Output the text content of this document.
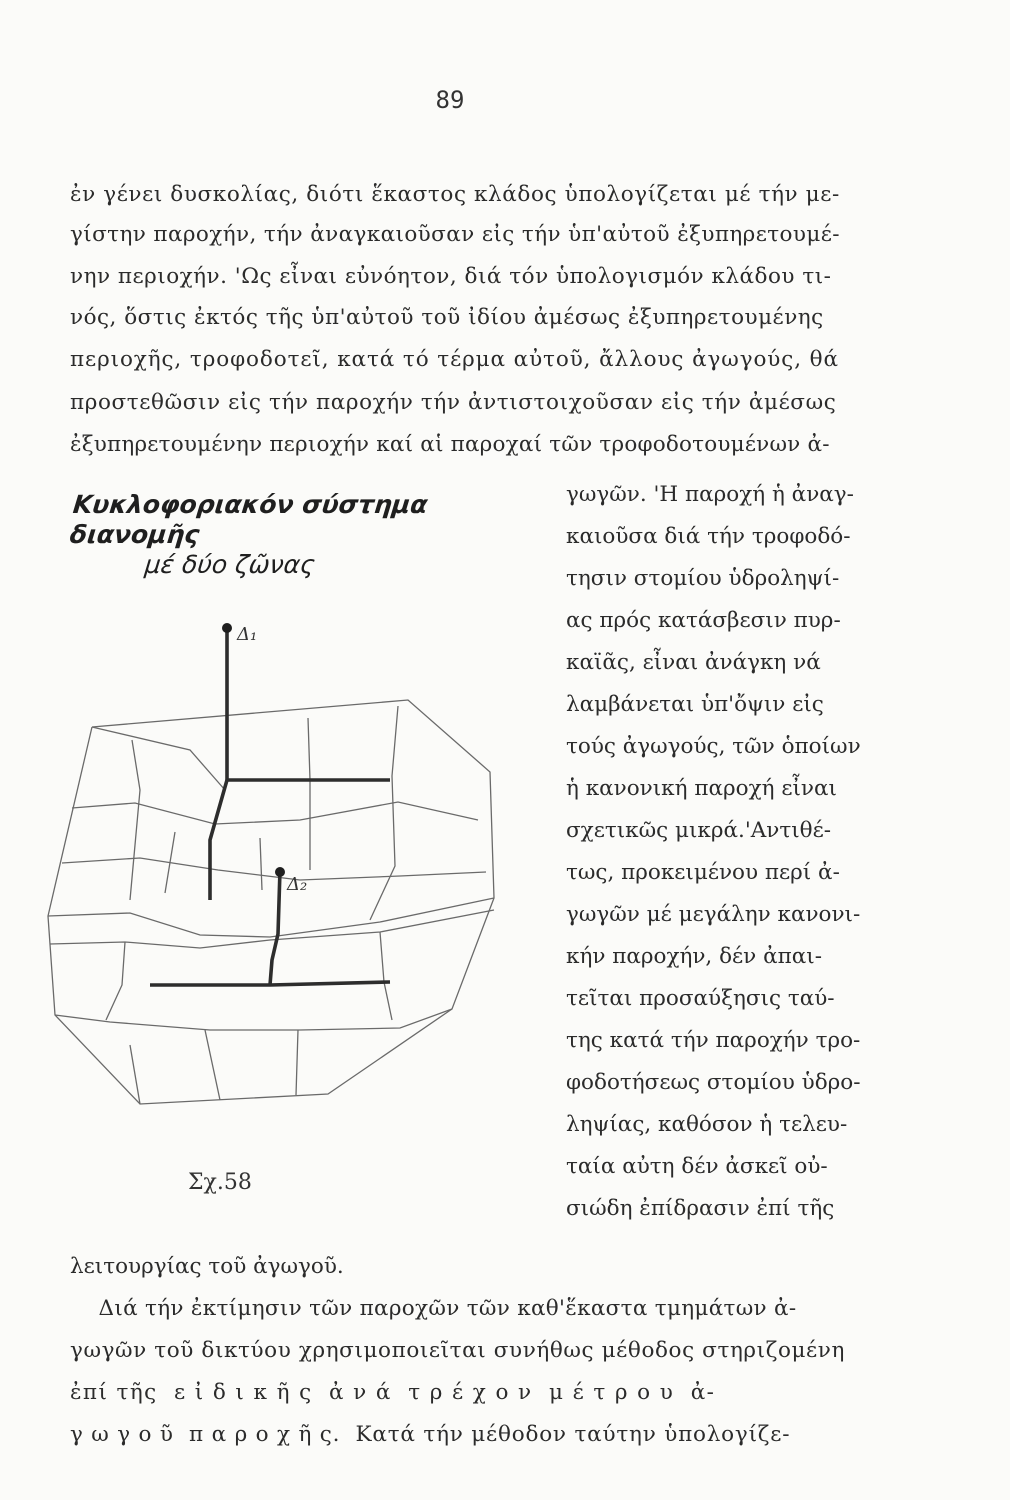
89
ἐν γένει δυσκολίας, διότι ἕκαστος κλάδος ὑπολογίζεται μέ τήν με-
γίστην παροχήν, τήν ἀναγκαιοῦσαν εἰς τήν ὑπ'αὐτοῦ ἐξυπηρετουμέ-
νην περιοχήν. 'Ως εἶναι εὐνόητον, διά τόν ὑπολογισμόν κλάδου τι-
νός, ὅστις ἐκτός τῆς ὑπ'αὐτοῦ τοῦ ἰδίου ἀμέσως ἐξυπηρετουμένης
περιοχῆς, τροφοδοτεῖ, κατά τό τέρμα αὐτοῦ, ἄλλους ἀγωγούς, θά
προστεθῶσιν εἰς τήν παροχήν τήν ἀντιστοιχοῦσαν εἰς τήν ἀμέσως
ἐξυπηρετουμένην περιοχήν καί αἱ παροχαί τῶν τροφοδοτουμένων ἀ-
γωγῶν. 'Η παροχή ἡ ἀναγ-
καιοῦσα διά τήν τροφοδό-
τησιν στομίου ὑδροληψί-
ας πρός κατάσβεσιν πυρ-
καϊᾶς, εἶναι ἀνάγκη νά
λαμβάνεται ὑπ'ὄψιν εἰς
τούς ἀγωγούς, τῶν ὁποίων
ἡ κανονική παροχή εἶναι
σχετικῶς μικρά.'Αντιθέ-
τως, προκειμένου περί ἀ-
γωγῶν μέ μεγάλην κανονι-
κήν παροχήν, δέν ἀπαι-
τεῖται προσαύξησις ταύ-
της κατά τήν παροχήν τρο-
φοδοτήσεως στομίου ὑδρο-
ληψίας, καθόσον ἡ τελευ-
ταία αὐτη δέν ἀσκεῖ οὐ-
σιώδη ἐπίδρασιν ἐπί τῆς
Κυκλοφοριακόν σύστημα διανομῆς
μέ δύο ζῶνας
Δ₁
Δ₂
Σχ.58
λειτουργίας τοῦ ἀγωγοῦ.
Διά τήν ἐκτίμησιν τῶν παροχῶν τῶν καθ'ἕκαστα τμημάτων ἀ-
γωγῶν τοῦ δικτύου χρησιμοποιεῖται συνήθως μέθοδος στηριζομένη
ἐπί τῆς  ε ἰ δ ι κ ῆ ς  ἀ ν ά  τ ρ έ χ ο ν  μ έ τ ρ ο υ  ἀ-
γ ω γ ο ῦ  π α ρ ο χ ῆ ς.  Κατά τήν μέθοδον ταύτην ὑπολογίζε-
